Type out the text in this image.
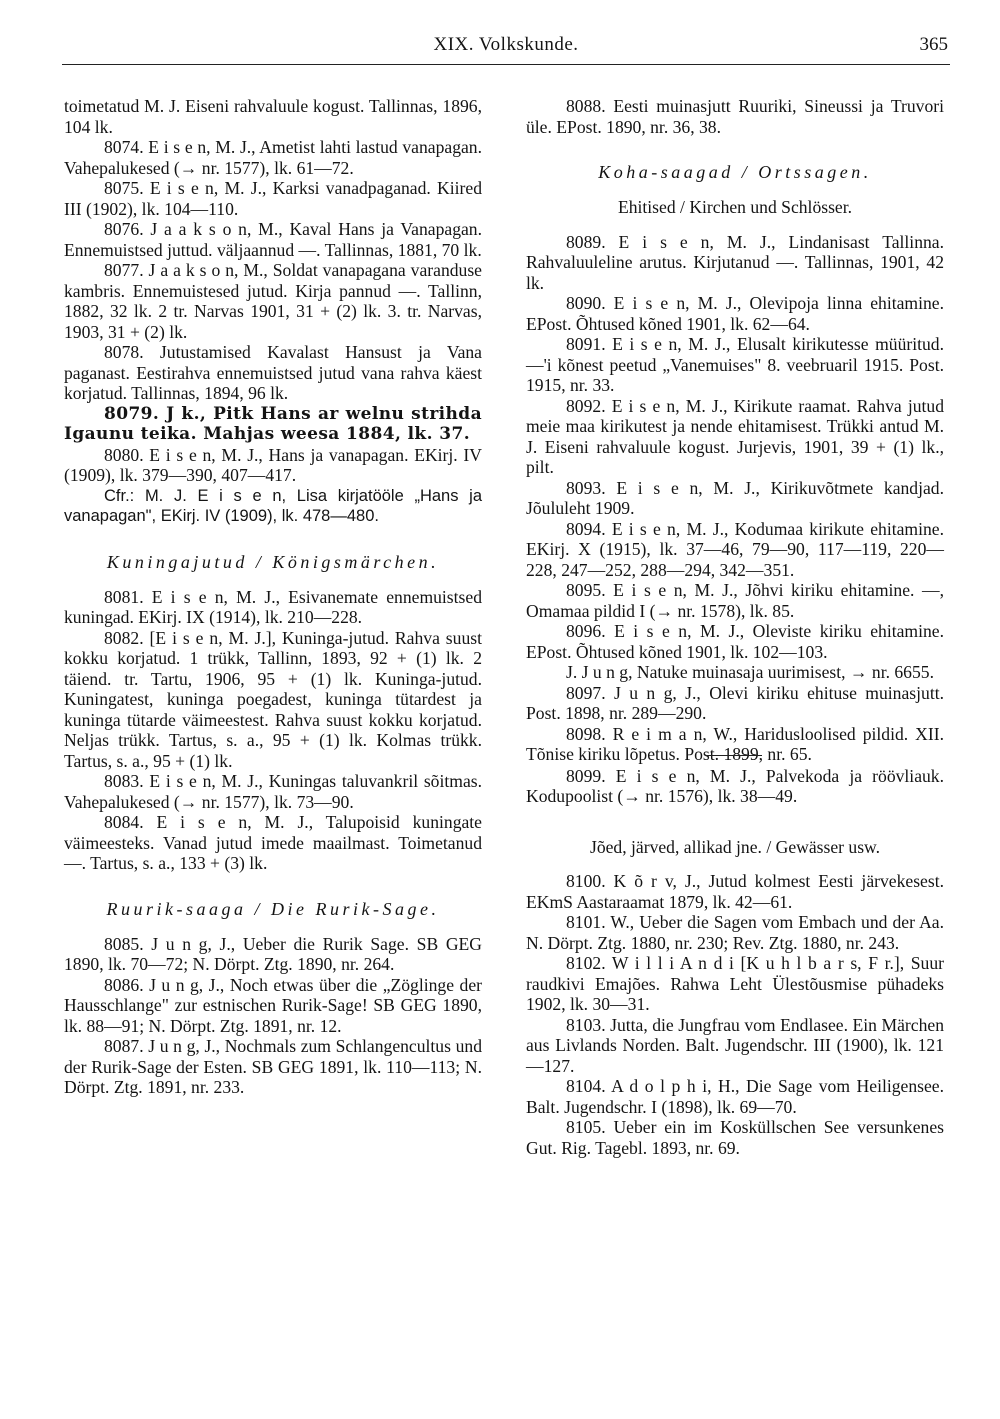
XIX. Volkskunde.	365

toimetatud M. J. Eiseni rahvaluule kogust. Tallinnas, 1896, 104 lk.

8074. E i s e n, M. J., Ametist lahti lastud vanapagan. Vahepalukesed (→ nr. 1577), lk. 61—72.

8075. E i s e n, M. J., Karksi vanadpaganad. Kiired III (1902), lk. 104—110.

8076. J a a k s o n, M., Kaval Hans ja Vanapagan. Ennemuistsed juttud. väljaannud —. Tallinnas, 1881, 70 lk.

8077. J a a k s o n, M., Soldat vanapagana varanduse kambris. Ennemuistesed jutud. Kirja pannud —. Tallinn, 1882, 32 lk. 2 tr. Narvas 1901, 31 + (2) lk. 3. tr. Narvas, 1903, 31 + (2) lk.

8078. Jutustamised Kavalast Hansust ja Vana paganast. Eestirahva ennemuistsed jutud vana rahva käest korjatud. Tallinnas, 1894, 96 lk.

8079. J k., Pitk Hans ar welnu strihda Igaunu teika. Mahjas weesa 1884, lk. 37.

8080. E i s e n, M. J., Hans ja vanapagan. EKirj. IV (1909), lk. 379—390, 407—417.

Cfr.: M. J. E i s e n, Lisa kirjatööle „Hans ja vanapagan", EKirj. IV (1909), lk. 478—480.

Kuningajutud / Königsmärchen.

8081. E i s e n, M. J., Esivanemate ennemuistsed kuningad. EKirj. IX (1914), lk. 210—228.

8082. [E i s e n, M. J.], Kuninga-jutud. Rahva suust kokku korjatud. 1 trükk, Tallinn, 1893, 92 + (1) lk. 2 täiend. tr. Tartu, 1906, 95 + (1) lk. Kuninga-jutud. Kuningatest, kuninga poegadest, kuninga tütardest ja kuninga tütarde väimeestest. Rahva suust kokku korjatud. Neljas trükk. Tartus, s. a., 95 + (1) lk. Kolmas trükk. Tartus, s. a., 95 + (1) lk.

8083. E i s e n, M. J., Kuningas taluvankril sõitmas. Vahepalukesed (→ nr. 1577), lk. 73—90.

8084. E i s e n, M. J., Talupoisid kuningate väimeesteks. Vanad jutud imede maailmast. Toimetanud —. Tartus, s. a., 133 + (3) lk.

Ruurik-saaga / Die Rurik-Sage.

8085. J u n g, J., Ueber die Rurik Sage. SB GEG 1890, lk. 70—72; N. Dörpt. Ztg. 1890, nr. 264.

8086. J u n g, J., Noch etwas über die „Zöglinge der Hausschlange" zur estnischen Rurik-Sage! SB GEG 1890, lk. 88—91; N. Dörpt. Ztg. 1891, nr. 12.

8087. J u n g, J., Nochmals zum Schlangencultus und der Rurik-Sage der Esten. SB GEG 1891, lk. 110—113; N. Dörpt. Ztg. 1891, nr. 233.

8088. Eesti muinasjutt Ruuriki, Sineussi ja Truvori üle. EPost. 1890, nr. 36, 38.

Koha-saagad / Ortssagen.
Ehitised / Kirchen und Schlösser.

8089. E i s e n, M. J., Lindanisast Tallinna. Rahvaluuleline arutus. Kirjutanud —. Tallinnas, 1901, 42 lk.

8090. E i s e n, M. J., Olevipoja linna ehitamine. EPost. Õhtused kõned 1901, lk. 62—64.

8091. E i s e n, M. J., Elusalt kirikutesse müüritud. —'i kõnest peetud „Vanemuises" 8. veebruaril 1915. Post. 1915, nr. 33.

8092. E i s e n, M. J., Kirikute raamat. Rahva jutud meie maa kirikutest ja nende ehitamisest. Trükki antud M. J. Eiseni rahvaluule kogust. Jurjevis, 1901, 39 + (1) lk., pilt.

8093. E i s e n, M. J., Kirikuvõtmete kandjad. Jõululeht 1909.

8094. E i s e n, M. J., Kodumaa kirikute ehitamine. EKirj. X (1915), lk. 37—46, 79—90, 117—119, 220—228, 247—252, 288—294, 342—351.

8095. E i s e n, M. J., Jõhvi kiriku ehitamine. —, Omamaa pildid I (→ nr. 1578), lk. 85.

8096. E i s e n, M. J., Oleviste kiriku ehitamine. EPost. Õhtused kõned 1901, lk. 102—103.

J. J u n g, Natuke muinasaja uurimisest, → nr. 6655.

8097. J u n g, J., Olevi kiriku ehituse muinasjutt. Post. 1898, nr. 289—290.

8098. R e i m a n, W., Haridusloolised pildid. XII. Tõnise kiriku lõpetus. Post. 1899, nr. 65.

8099. E i s e n, M. J., Palvekoda ja röövliauk. Kodupoolist (→ nr. 1576), lk. 38—49.

Jõed, järved, allikad jne. / Gewässer usw.

8100. K õ r v, J., Jutud kolmest Eesti järvekesest. EKmS Aastaraamat 1879, lk. 42—61.

8101. W., Ueber die Sagen vom Embach und der Aa. N. Dörpt. Ztg. 1880, nr. 230; Rev. Ztg. 1880, nr. 243.

8102. W i l l i A n d i [K u h l b a r s, F r.], Suur raudkivi Emajões. Rahwa Leht Ülestõusmise pühadeks 1902, lk. 30—31.

8103. Jutta, die Jungfrau vom Endlasee. Ein Märchen aus Livlands Norden. Balt. Jugendschr. III (1900), lk. 121—127.

8104. A d o l p h i, H., Die Sage vom Heiligensee. Balt. Jugendschr. I (1898), lk. 69—70.

8105. Ueber ein im Kosküllschen See versunkenes Gut. Rig. Tagebl. 1893, nr. 69.
